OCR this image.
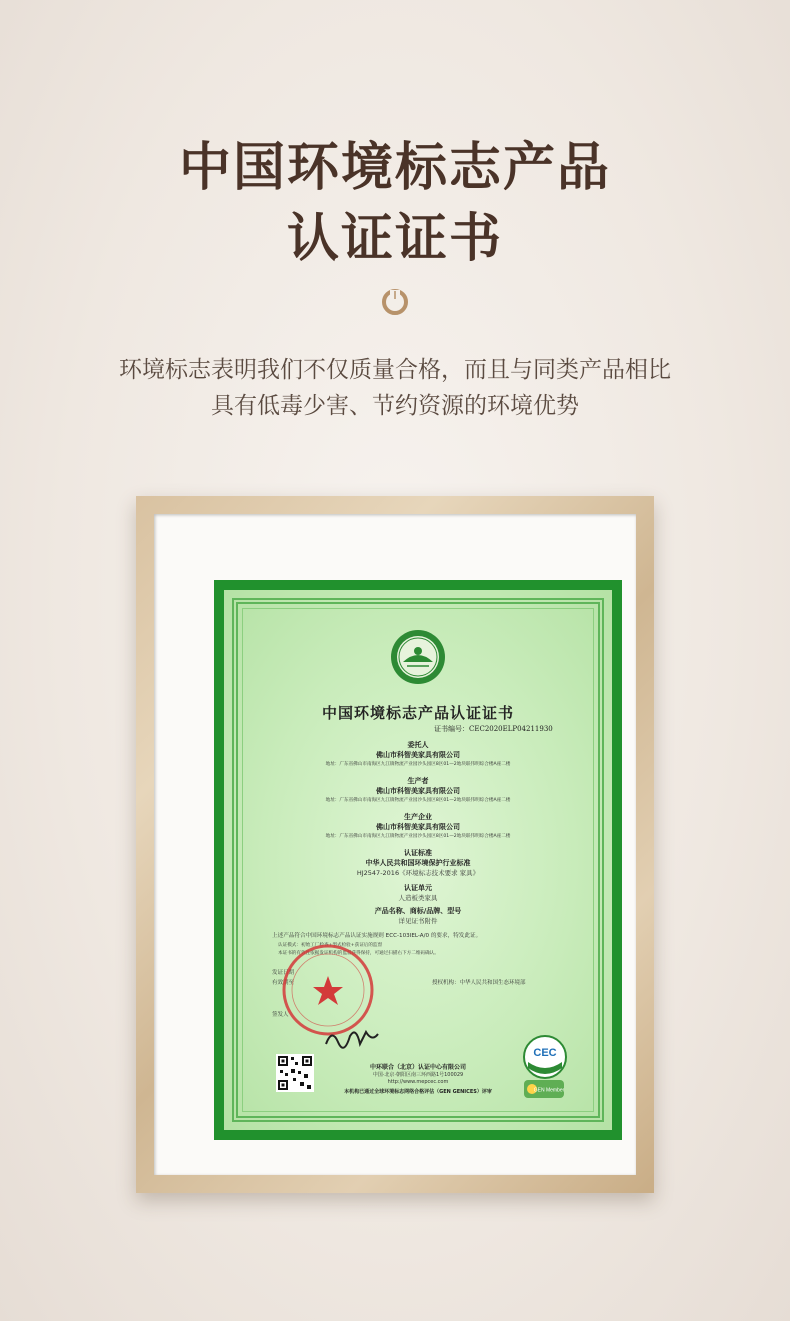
中国环境标志产品
认证证书
环境标志表明我们不仅质量合格，而且与同类产品相比
具有低毒少害、节约资源的环境优势
中国环境标志产品认证证书
证书编号：CEC2020ELP04211930
委托人
佛山市科智美家具有限公司
地址：广东省佛山市南海区九江镇物流产业园沙头园区8区01—2地块联伟明综合楼A座二楼
生产者
佛山市科智美家具有限公司
地址：广东省佛山市南海区九江镇物流产业园沙头园区8区01—2地块联伟明综合楼A座二楼
生产企业
佛山市科智美家具有限公司
地址：广东省佛山市南海区九江镇物流产业园沙头园区8区01—2地块联伟明综合楼A座二楼
认证标准
中华人民共和国环境保护行业标准
HJ2547-2016《环境标志技术要求 家具》
认证单元
人造板类家具
产品名称、商标/品牌、型号
详见证书附件
上述产品符合中国环境标志产品认证实施规则 ECC-103IEL-A/0 的要求，特发此证。
认证模式：初始工厂检查+型式检验+获证后的监督
本证书的有效性依据发证机构的监督获得保持，可通过扫描右下方二维码确认。
发证日期
有效期至	授权机构：中华人民共和国生态环境部
签发人
中环联合（北京）认证中心有限公司
中国·北京·朝阳区南三环西路1号100029
http://www.mepcec.com
本机构已通过全球环境标志网络合格评估（GEN GENICES）评审
CEC
GEN Member
